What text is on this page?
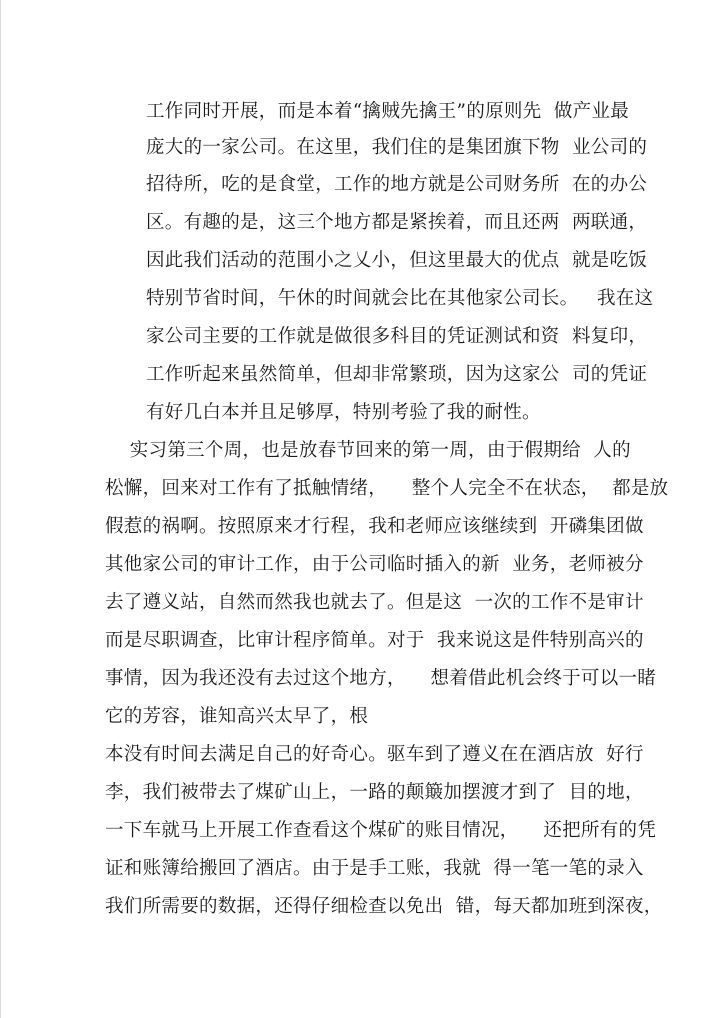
工作同时开展，而是本着“擒贼先擒王”的原则先  做产业最
庞大的一家公司。在这里，我们住的是集团旗下物  业公司的
招待所，吃的是食堂，工作的地方就是公司财务所  在的办公
区。有趣的是，这三个地方都是紧挨着，而且还两  两联通，
因此我们活动的范围小之乂小，但这里最大的优点  就是吃饭
特别节省时间，午休的时间就会比在其他家公司长。   我在这
家公司主要的工作就是做很多科目的凭证测试和资  料复印，
工作听起来虽然简单，但却非常繁琐，因为这家公  司的凭证
有好几白本并且足够厚，特别考验了我的耐性。
实习第三个周，也是放春节回来的第一周，由于假期给  人的
松懈，回来对工作有了抵触情绪，    整个人完全不在状态，  都是放
假惹的祸啊。按照原来才行程，我和老师应该继续到  开磷集团做
其他家公司的审计工作，由于公司临时插入的新  业务，老师被分
去了遵义站，自然而然我也就去了。但是这  一次的工作不是审计
而是尽职调查，比审计程序简单。对于  我来说这是件特别高兴的
事情，因为我还没有去过这个地方，    想着借此机会终于可以一睹
它的芳容，谁知高兴太早了，根
本没有时间去满足自己的好奇心。驱车到了遵义在在酒店放  好行
李，我们被带去了煤矿山上，一路的颠簸加摆渡才到了  目的地，
一下车就马上开展工作查看这个煤矿的账目情况，    还把所有的凭
证和账簿给搬回了酒店。由于是手工账，我就  得一笔一笔的录入
我们所需要的数据，还得仔细检查以免出  错，每天都加班到深夜，
